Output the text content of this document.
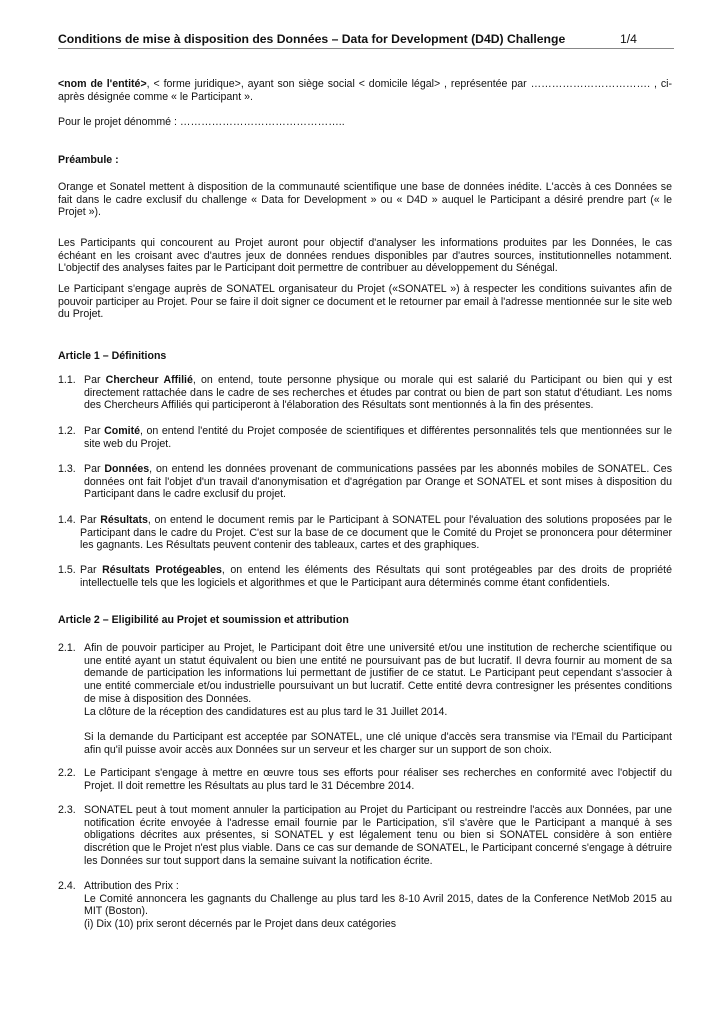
Conditions de mise à disposition des Données – Data for Development (D4D) Challenge	1/4
<nom de l'entité>, < forme juridique>, ayant son siège social < domicile légal> , représentée par ……………………………. , ci-après désignée comme « le Participant ».
Pour le projet dénommé : ………………………………………..
Préambule :
Orange et Sonatel mettent à disposition de la communauté scientifique une base de données inédite. L'accès à ces Données se fait dans le cadre exclusif du challenge « Data for Development » ou « D4D » auquel le Participant a désiré prendre part (« le Projet »).
Les Participants qui concourent au Projet auront pour objectif d'analyser les informations produites par les Données, le cas échéant en les croisant avec d'autres jeux de données rendues disponibles par d'autres sources, institutionnelles notamment. L'objectif des analyses faites par le Participant doit permettre de contribuer au développement du Sénégal.
Le Participant s'engage auprès de SONATEL organisateur du Projet («SONATEL ») à respecter les conditions suivantes afin de pouvoir participer au Projet. Pour se faire il doit signer ce document et le retourner par email à l'adresse mentionnée sur le site web du Projet.
Article 1 – Définitions
1.1. Par Chercheur Affilié, on entend, toute personne physique ou morale qui est salarié du Participant ou bien qui y est directement rattachée dans le cadre de ses recherches et études par contrat ou bien de part son statut d'étudiant. Les noms des Chercheurs Affiliés qui participeront à l'élaboration des Résultats sont mentionnés à la fin des présentes.
1.2. Par Comité, on entend l'entité du Projet composée de scientifiques et différentes personnalités tels que mentionnées sur le site web du Projet.
1.3. Par Données, on entend les données provenant de communications passées par les abonnés mobiles de SONATEL. Ces données ont fait l'objet d'un travail d'anonymisation et d'agrégation par Orange et SONATEL et sont mises à disposition du Participant dans le cadre exclusif du projet.
1.4. Par Résultats, on entend le document remis par le Participant à SONATEL pour l'évaluation des solutions proposées par le Participant dans le cadre du Projet. C'est sur la base de ce document que le Comité du Projet se prononcera pour déterminer les gagnants. Les Résultats peuvent contenir des tableaux, cartes et des graphiques.
1.5. Par Résultats Protégeables, on entend les éléments des Résultats qui sont protégeables par des droits de propriété intellectuelle tels que les logiciels et algorithmes et que le Participant aura déterminés comme étant confidentiels.
Article 2 – Eligibilité au Projet et soumission et attribution
2.1. Afin de pouvoir participer au Projet, le Participant doit être une université et/ou une institution de recherche scientifique ou une entité ayant un statut équivalent ou bien une entité ne poursuivant pas de but lucratif. Il devra fournir au moment de sa demande de participation les informations lui permettant de justifier de ce statut. Le Participant peut cependant s'associer à une entité commerciale et/ou industrielle poursuivant un but lucratif. Cette entité devra contresigner les présentes conditions de mise à disposition des Données.
La clôture de la réception des candidatures est au plus tard le 31 Juillet 2014.
Si la demande du Participant est acceptée par SONATEL, une clé unique d'accès sera transmise via l'Email du Participant afin qu'il puisse avoir accès aux Données sur un serveur et les charger sur un support de son choix.
2.2. Le Participant s'engage à mettre en œuvre tous ses efforts pour réaliser ses recherches en conformité avec l'objectif du Projet. Il doit remettre les Résultats au plus tard le 31 Décembre 2014.
2.3. SONATEL peut à tout moment annuler la participation au Projet du Participant ou restreindre l'accès aux Données, par une notification écrite envoyée à l'adresse email fournie par le Participation, s'il s'avère que le Participant a manqué à ses obligations décrites aux présentes, si SONATEL y est légalement tenu ou bien si SONATEL considère à son entière discrétion que le Projet n'est plus viable. Dans ce cas sur demande de SONATEL, le Participant concerné s'engage à détruire les Données sur tout support dans la semaine suivant la notification écrite.
2.4. Attribution des Prix :
Le Comité annoncera les gagnants du Challenge au plus tard les 8-10 Avril 2015, dates de la Conference NetMob 2015 au MIT (Boston).
(i) Dix (10) prix seront décernés par le Projet dans deux catégories
